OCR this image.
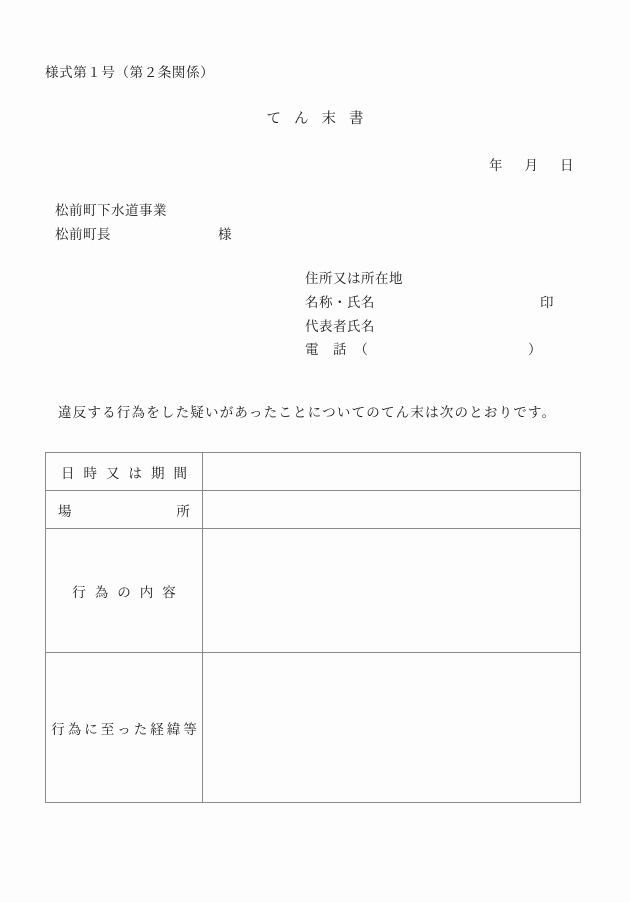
様式第１号（第２条関係）
てん末書
年月日
松前町下水道事業
松前町長	様
住所又は所在地
名称・氏名	印
代表者氏名
電　話　（	）
違反する行為をした疑いがあったことについてのてん末は次のとおりです。
日時又は期間	

場所	

行為の内容	

行為に至った経緯等	
